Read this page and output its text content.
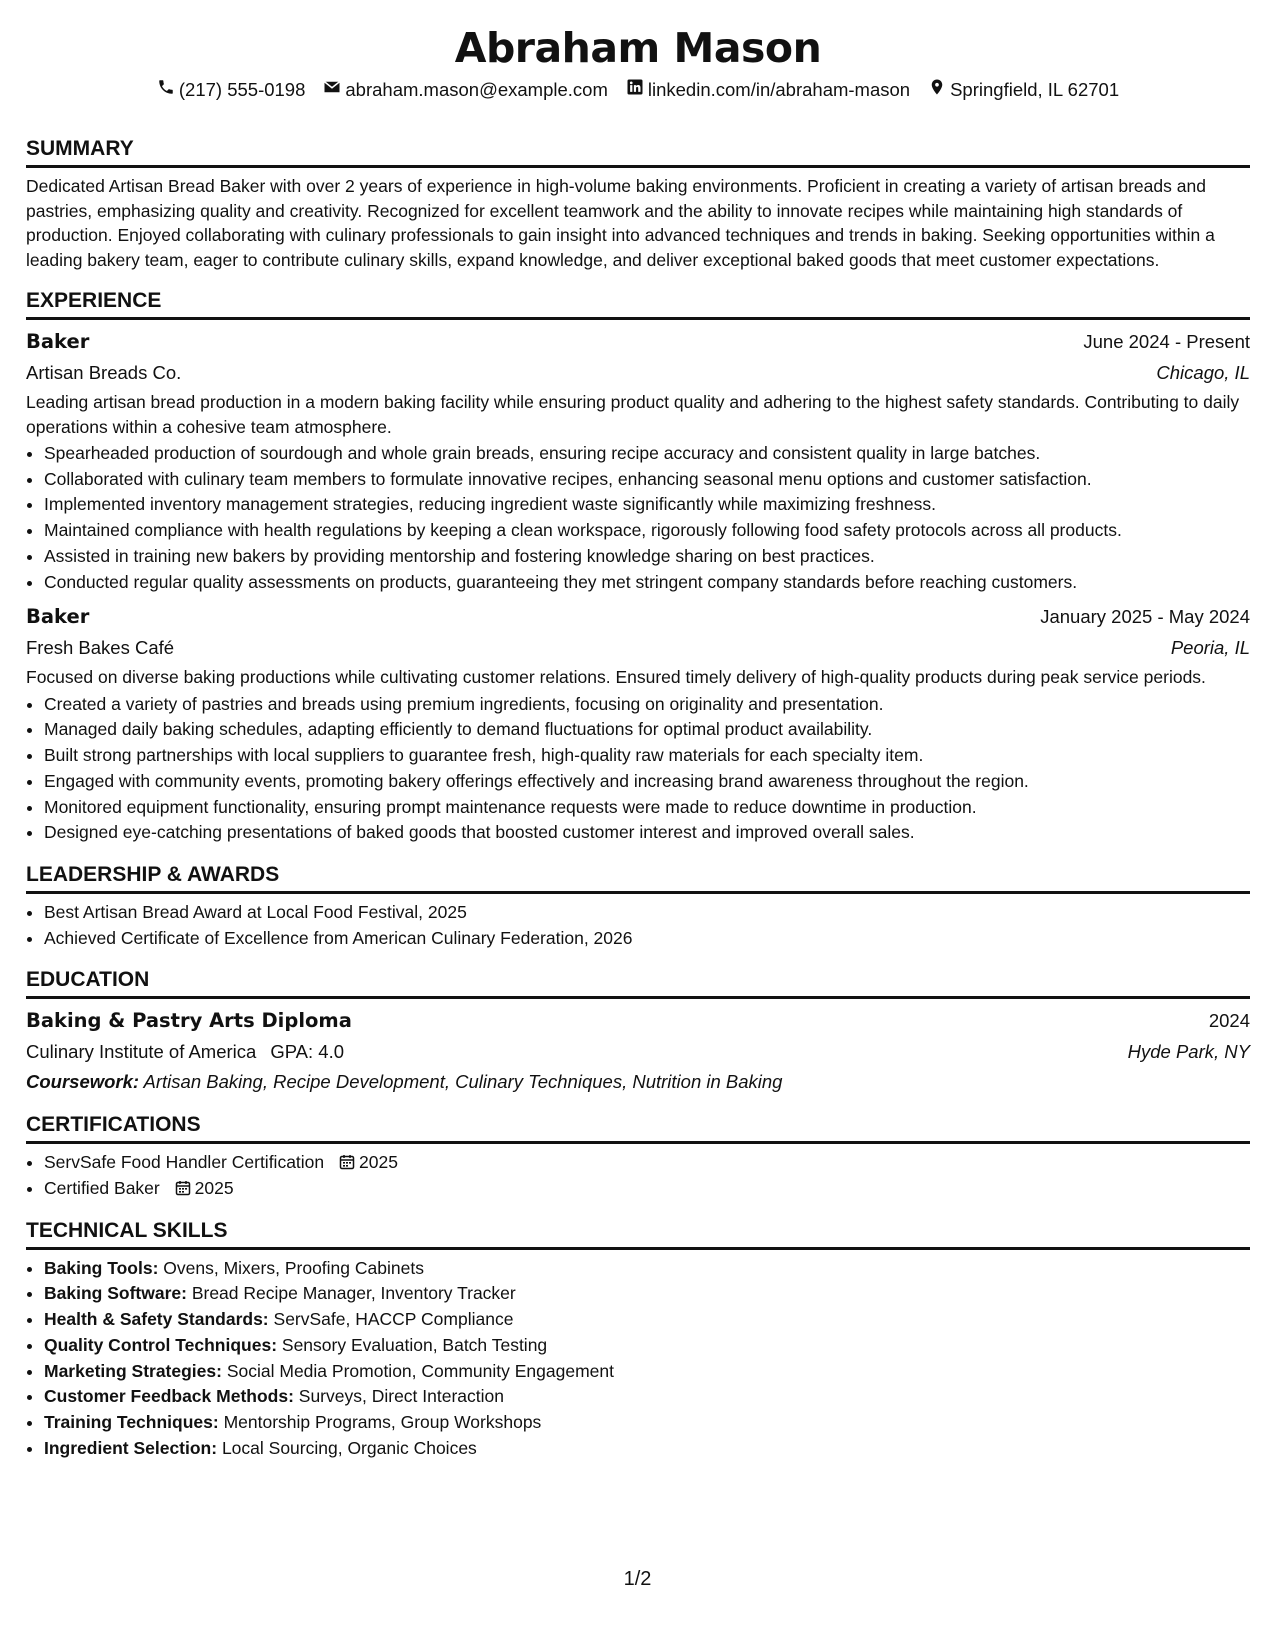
Abraham Mason
(217) 555-0198 abraham.mason@example.com linkedin.com/in/abraham-mason Springfield, IL 62701
SUMMARY

Dedicated Artisan Bread Baker with over 2 years of experience in high-volume baking environments. Proficient in creating a variety of artisan breads and pastries, emphasizing quality and creativity. Recognized for excellent teamwork and the ability to innovate recipes while maintaining high standards of production. Enjoyed collaborating with culinary professionals to gain insight into advanced techniques and trends in baking. Seeking opportunities within a leading bakery team, eager to contribute culinary skills, expand knowledge, and deliver exceptional baked goods that meet customer expectations.

EXPERIENCE
Baker	June 2024 - Present
Artisan Breads Co.	Chicago, IL

Leading artisan bread production in a modern baking facility while ensuring product quality and adhering to the highest safety standards. Contributing to daily operations within a cohesive team atmosphere.

• Spearheaded production of sourdough and whole grain breads, ensuring recipe accuracy and consistent quality in large batches.
• Collaborated with culinary team members to formulate innovative recipes, enhancing seasonal menu options and customer satisfaction.
• Implemented inventory management strategies, reducing ingredient waste significantly while maximizing freshness.
• Maintained compliance with health regulations by keeping a clean workspace, rigorously following food safety protocols across all products.
• Assisted in training new bakers by providing mentorship and fostering knowledge sharing on best practices.
• Conducted regular quality assessments on products, guaranteeing they met stringent company standards before reaching customers.
Baker	January 2025 - May 2024
Fresh Bakes Café	Peoria, IL

Focused on diverse baking productions while cultivating customer relations. Ensured timely delivery of high-quality products during peak service periods.

• Created a variety of pastries and breads using premium ingredients, focusing on originality and presentation.
• Managed daily baking schedules, adapting efficiently to demand fluctuations for optimal product availability.
• Built strong partnerships with local suppliers to guarantee fresh, high-quality raw materials for each specialty item.
• Engaged with community events, promoting bakery offerings effectively and increasing brand awareness throughout the region.
• Monitored equipment functionality, ensuring prompt maintenance requests were made to reduce downtime in production.
• Designed eye-catching presentations of baked goods that boosted customer interest and improved overall sales.
LEADERSHIP & AWARDS
• Best Artisan Bread Award at Local Food Festival, 2025
• Achieved Certificate of Excellence from American Culinary Federation, 2026
EDUCATION
Baking & Pastry Arts Diploma	2024
Culinary Institute of America GPA: 4.0	Hyde Park, NY
Coursework: Artisan Baking, Recipe Development, Culinary Techniques, Nutrition in Baking
CERTIFICATIONS
• ServSafe Food Handler Certification 2025
• Certified Baker 2025
TECHNICAL SKILLS
• Baking Tools: Ovens, Mixers, Proofing Cabinets
• Baking Software: Bread Recipe Manager, Inventory Tracker
• Health & Safety Standards: ServSafe, HACCP Compliance
• Quality Control Techniques: Sensory Evaluation, Batch Testing
• Marketing Strategies: Social Media Promotion, Community Engagement
• Customer Feedback Methods: Surveys, Direct Interaction
• Training Techniques: Mentorship Programs, Group Workshops
• Ingredient Selection: Local Sourcing, Organic Choices
1/2
